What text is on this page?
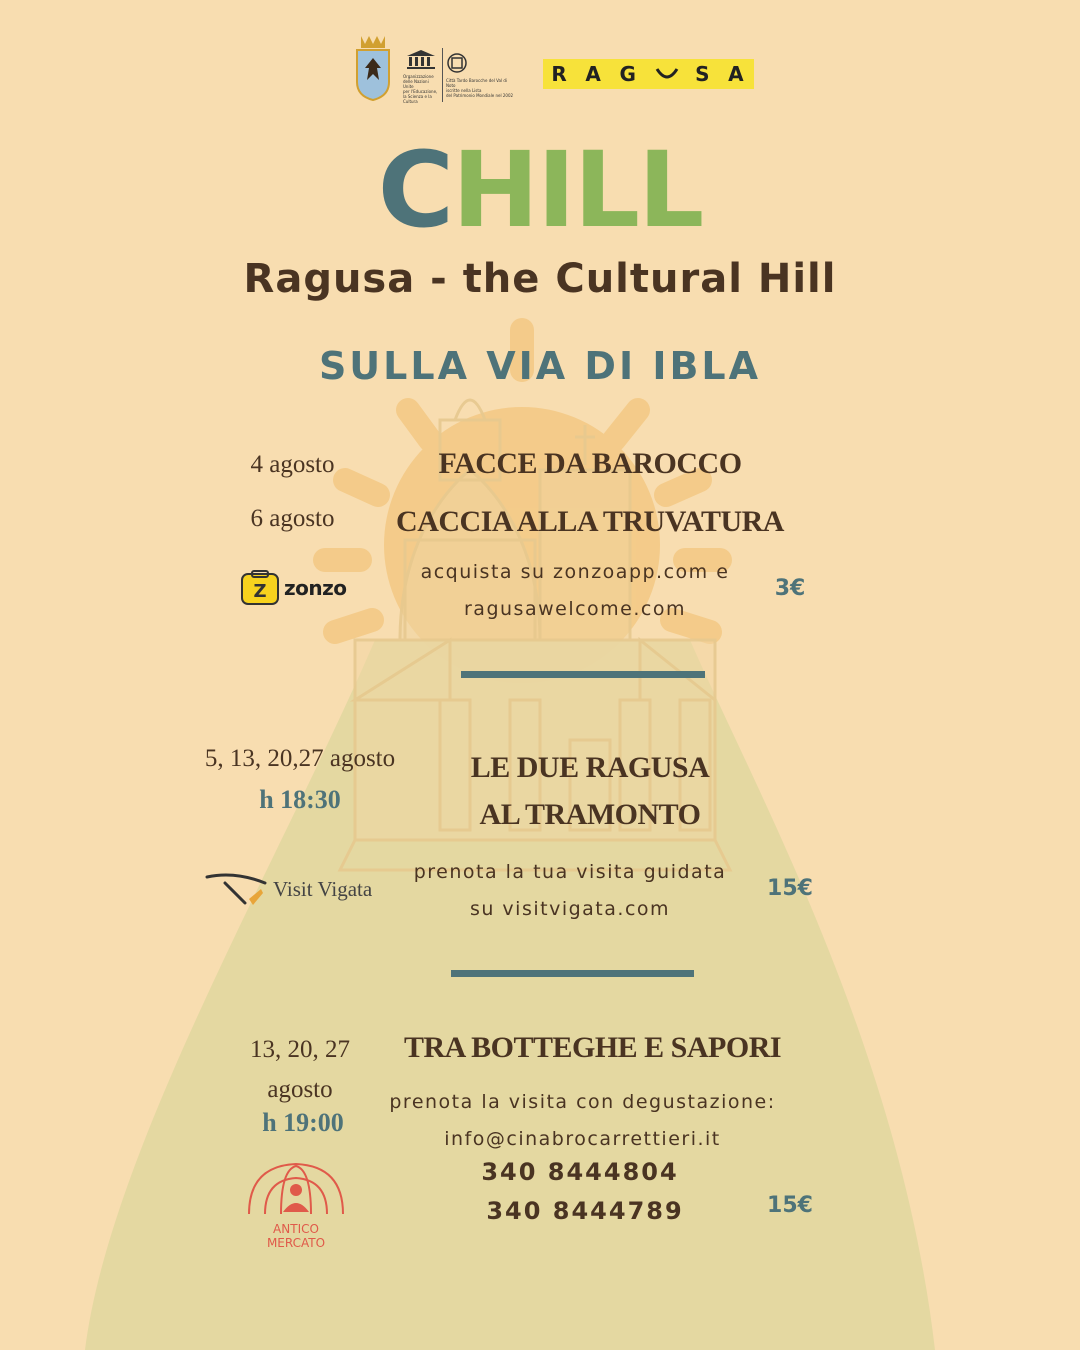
Organizzazione
delle Nazioni Unite
per l'Educazione,
la Scienza e la Cultura
Città Tardo Barocche del Val di Noto
iscritte nella Lista
del Patrimonio Mondiale nel 2002
R A G	S A
CHILL
Ragusa - the Cultural Hill
SULLA VIA DI IBLA
4 agosto	FACCE DA BAROCCO
6 agosto	CACCIA ALLA TRUVATURA
Z zonzo
acquista su zonzoapp.com e
ragusawelcome.com
3€
5, 13, 20,27 agosto
h 18:30
LE DUE RAGUSA
AL TRAMONTO
Visit Vigata
prenota la tua visita guidata
su visitvigata.com
15€
13, 20, 27
agosto
h 19:00
TRA BOTTEGHE E SAPORI
prenota la visita con degustazione:
info@cinabrocarrettieri.it
340 8444804
340 8444789	15€
ANTICO MERCATO
